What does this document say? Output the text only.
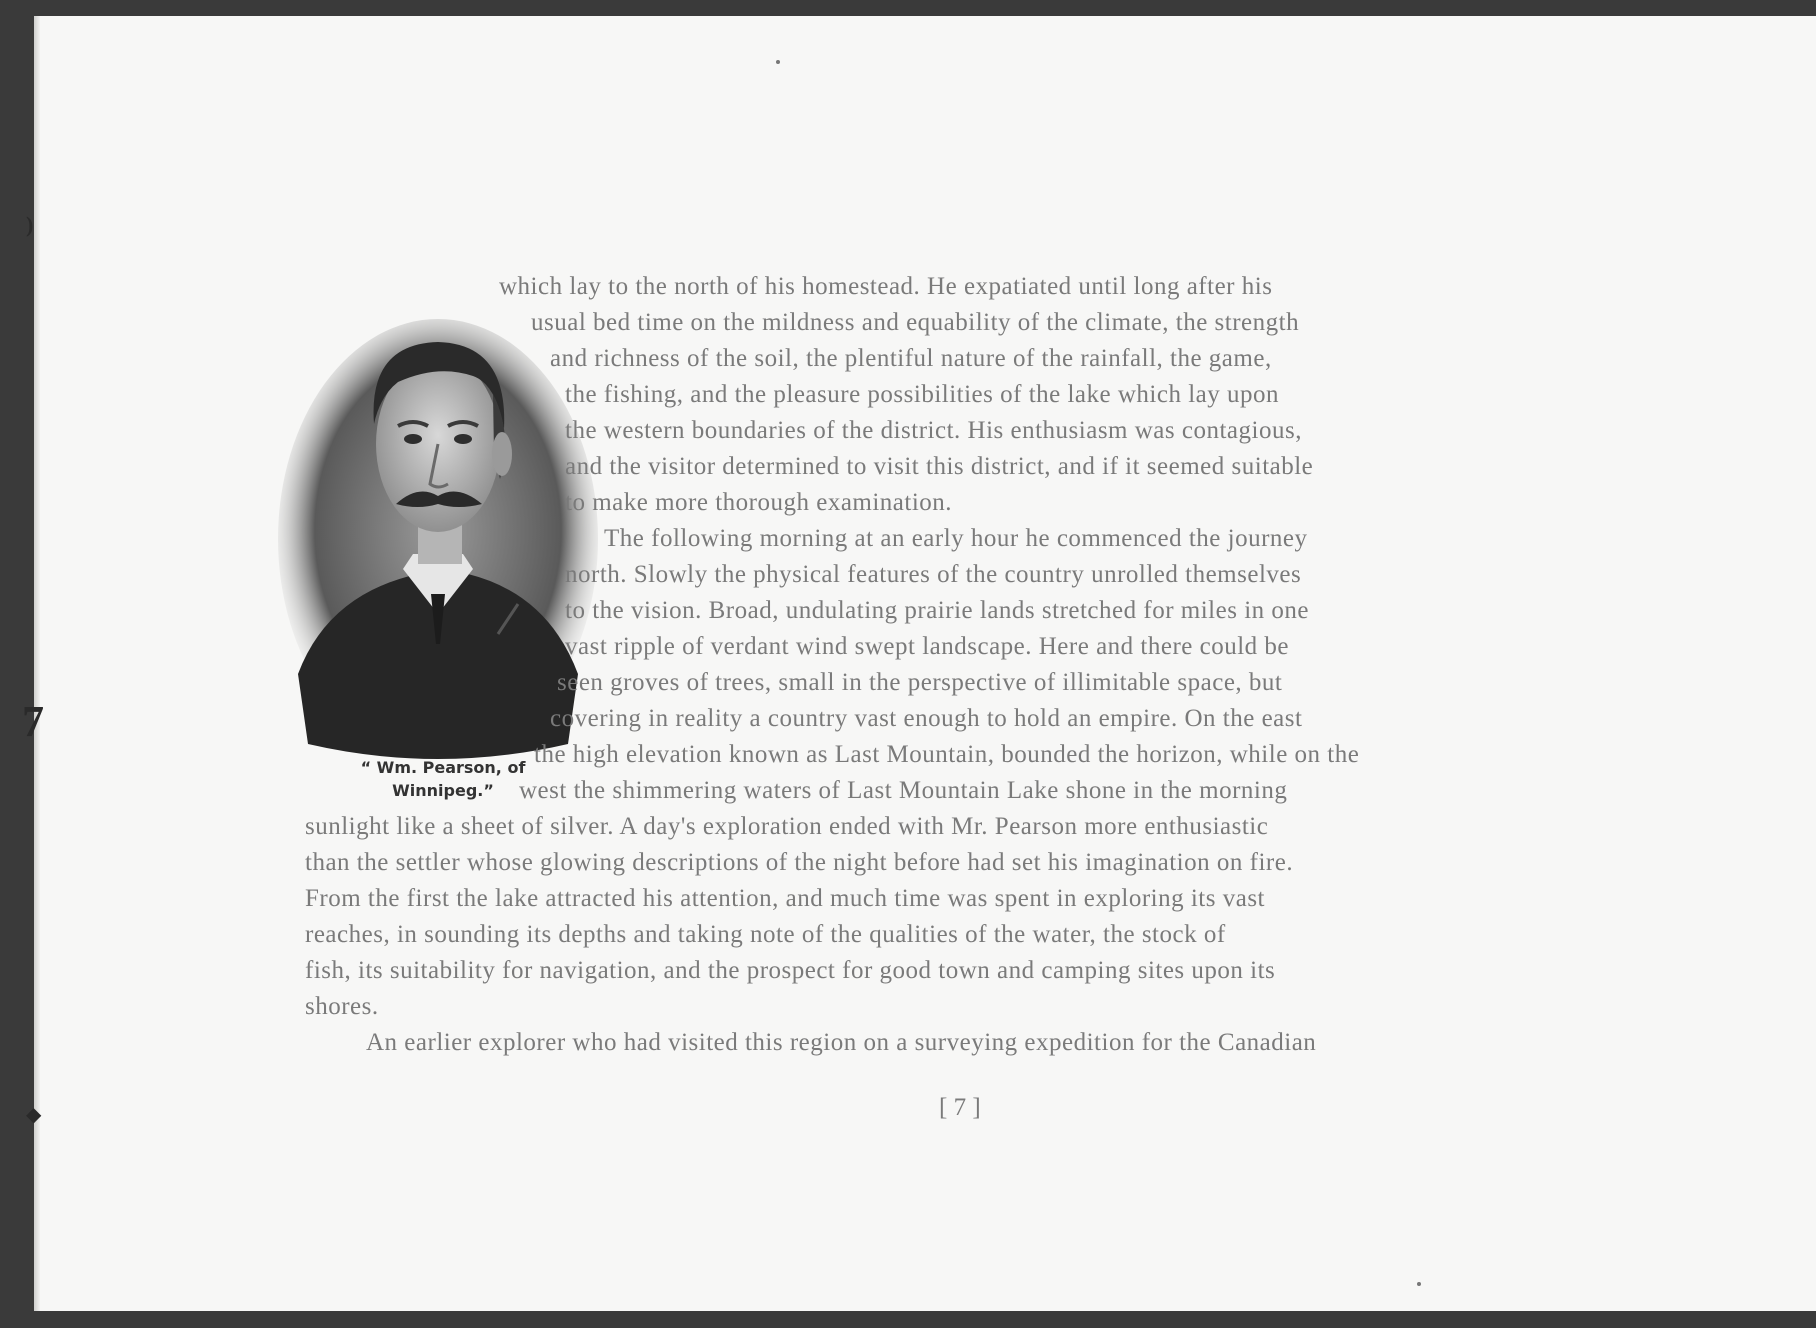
)
7
◆
“ Wm. Pearson, of
Winnipeg.”
which lay to the north of his homestead. He expatiated until long after his
usual bed time on the mildness and equability of the climate, the strength
and richness of the soil, the plentiful nature of the rainfall, the game,
the fishing, and the pleasure possibilities of the lake which lay upon
the western boundaries of the district. His enthusiasm was contagious,
and the visitor determined to visit this district, and if it seemed suitable
to make more thorough examination.
The following morning at an early hour he commenced the journey
north. Slowly the physical features of the country unrolled themselves
to the vision. Broad, undulating prairie lands stretched for miles in one
vast ripple of verdant wind swept landscape. Here and there could be
seen groves of trees, small in the perspective of illimitable space, but
covering in reality a country vast enough to hold an empire. On the east
the high elevation known as Last Mountain, bounded the horizon, while on the
west the shimmering waters of Last Mountain Lake shone in the morning
sunlight like a sheet of silver. A day's exploration ended with Mr. Pearson more enthusiastic
than the settler whose glowing descriptions of the night before had set his imagination on fire.
From the first the lake attracted his attention, and much time was spent in exploring its vast
reaches, in sounding its depths and taking note of the qualities of the water, the stock of
fish, its suitability for navigation, and the prospect for good town and camping sites upon its
shores.
An earlier explorer who had visited this region on a surveying expedition for the Canadian
[ 7 ]
